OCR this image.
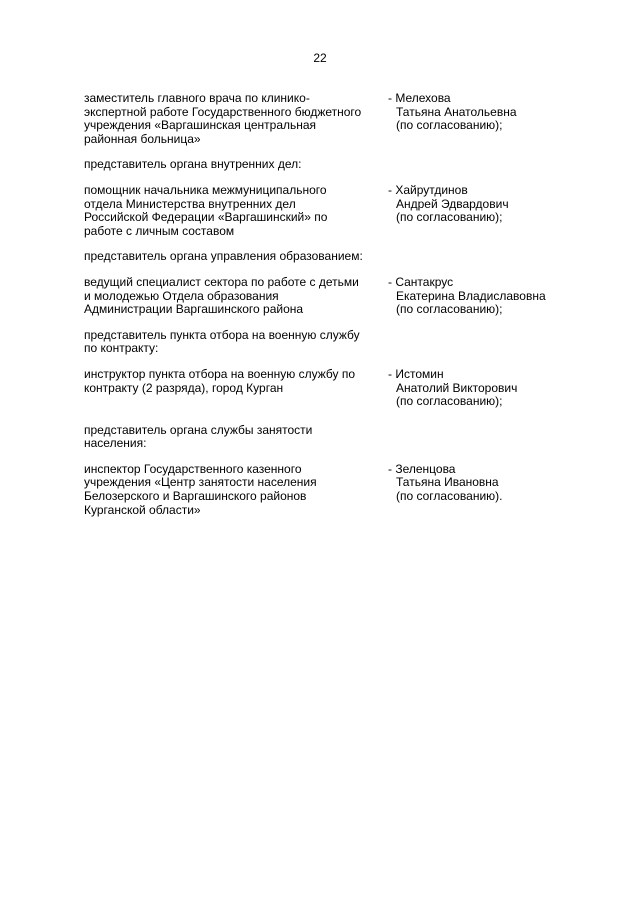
22
заместитель главного врача по клинико-
экспертной работе Государственного бюджетного
учреждения «Варгашинская центральная
районная больница»
- Мелехова
Татьяна Анатольевна
(по согласованию);
представитель органа внутренних дел:
помощник начальника межмуниципального
отдела Министерства внутренних дел
Российской Федерации «Варгашинский» по
работе с личным составом
- Хайрутдинов
Андрей Эдвардович
(по согласованию);
представитель органа управления образованием:
ведущий специалист сектора по работе с детьми
и молодежью Отдела образования
Администрации Варгашинского района
- Сантакрус
Екатерина Владиславовна
(по согласованию);
представитель пункта отбора на военную службу
по контракту:
инструктор пункта отбора на военную службу по
контракту (2 разряда), город Курган
- Истомин
Анатолий Викторович
(по согласованию);
представитель органа службы занятости
населения:
инспектор Государственного казенного
учреждения «Центр занятости населения
Белозерского и Варгашинского районов
Курганской области»
- Зеленцова
Татьяна Ивановна
(по согласованию).
